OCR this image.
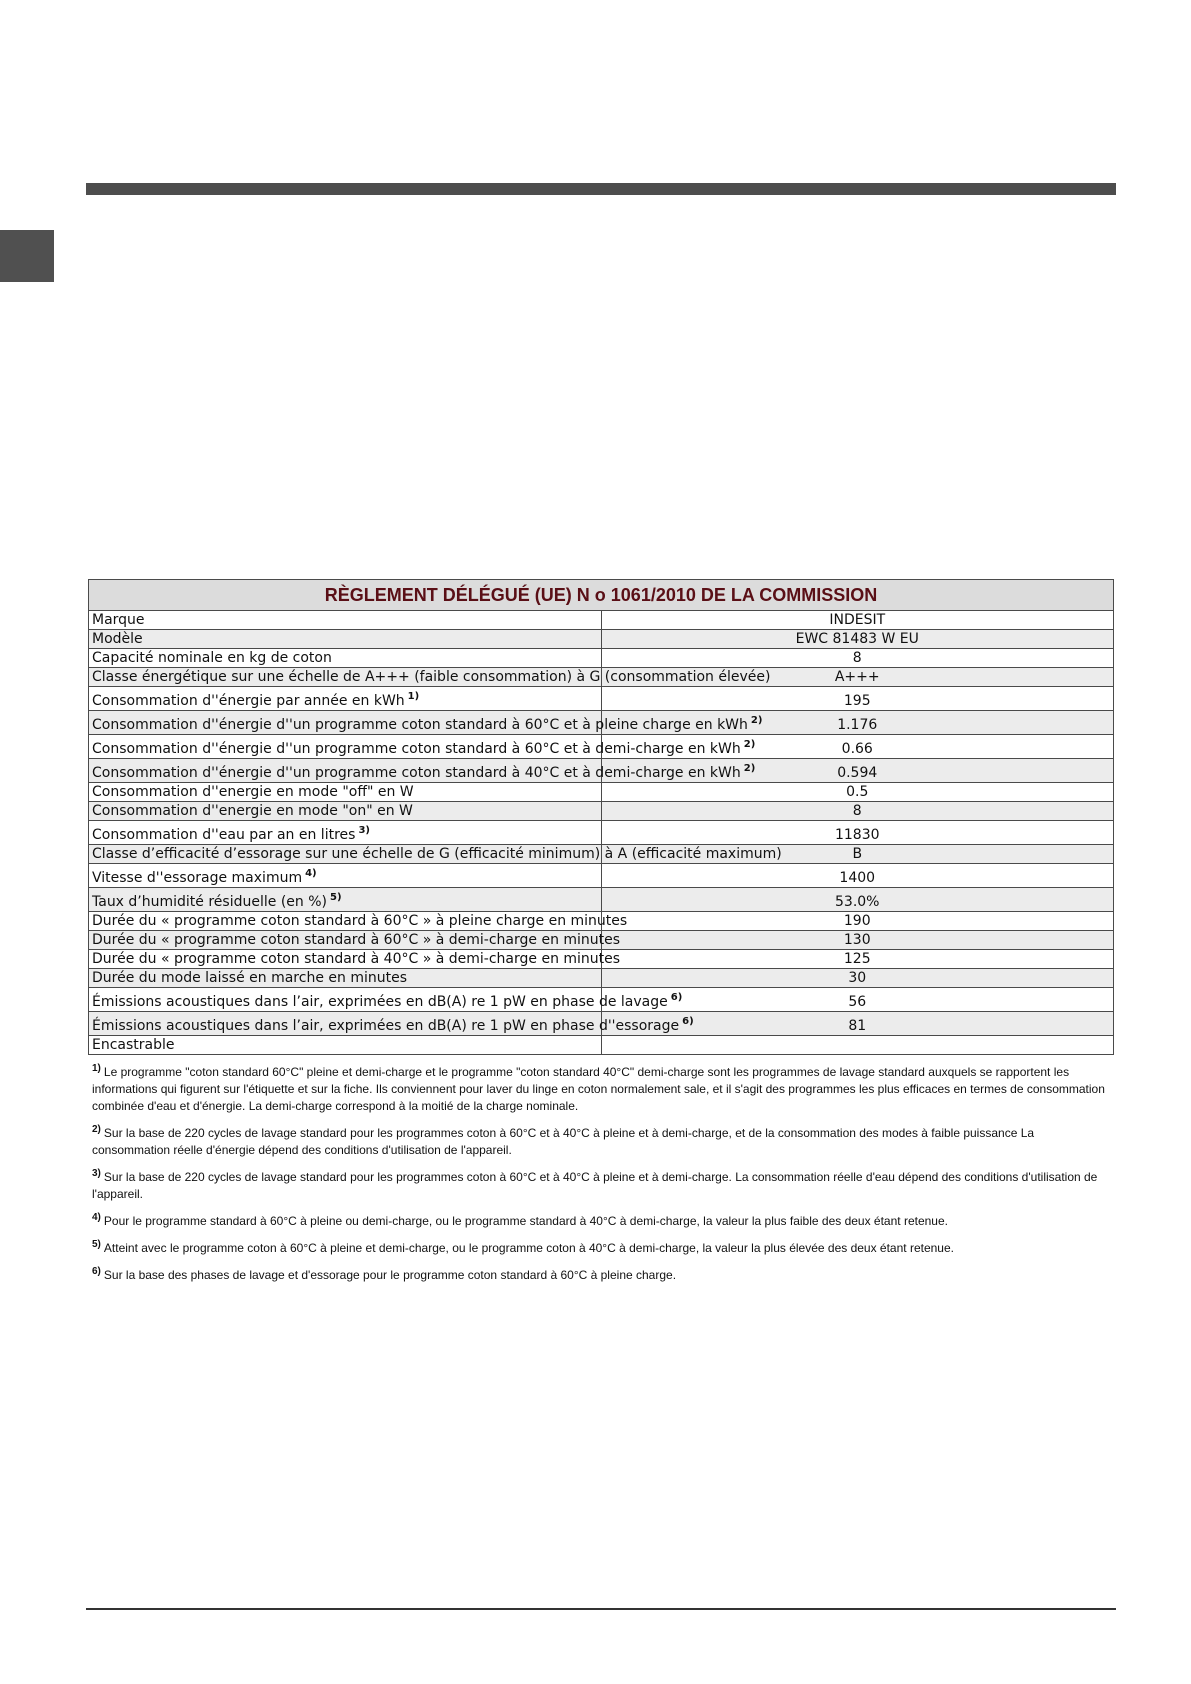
RÈGLEMENT DÉLÉGUÉ (UE) N o 1061/2010 DE LA COMMISSION	
Marque	INDESIT
Modèle	EWC 81483 W EU
Capacité nominale en kg de coton	8
Classe énergétique sur une échelle de A+++ (faible consommation) à G (consommation élevée)	A+++
Consommation d''énergie par année en kWh $^{1)}$	195
Consommation d''énergie d''un programme coton standard à 60°C et à pleine charge en kWh $^{2)}$	1.176
Consommation d''énergie d''un programme coton standard à 60°C et à demi-charge en kWh $^{2)}$	0.66
Consommation d''énergie d''un programme coton standard à 40°C et à demi-charge en kWh $^{2)}$	0.594
Consommation d''energie en mode "off" en W	0.5
Consommation d''energie en mode "on" en W	8
Consommation d''eau par an en litres $^{3)}$	11830
Classe d’efficacité d’essorage sur une échelle de G (efficacité minimum) à A (efficacité maximum)	B
Vitesse d''essorage maximum $^{4)}$	1400
Taux d’humidité résiduelle (en %) $^{5)}$	53.0%
Durée du « programme coton standard à 60°C » à pleine charge en minutes	190
Durée du « programme coton standard à 60°C » à demi-charge en minutes	130
Durée du « programme coton standard à 40°C » à demi-charge en minutes	125
Durée du mode laissé en marche en minutes	30
Émissions acoustiques dans l’air, exprimées en dB(A) re 1 pW en phase de lavage $^{6)}$	56
Émissions acoustiques dans l’air, exprimées en dB(A) re 1 pW en phase d''essorage $^{6)}$	81
Encastrable	

$^{1)}$ Le programme "coton standard 60°C" pleine et demi-charge et le programme "coton standard 40°C" demi-charge sont les programmes de lavage standard auxquels se rapportent les informations qui figurent sur l'étiquette et sur la fiche. Ils conviennent pour laver du linge en coton normalement sale, et il s'agit des programmes les plus efficaces en termes de consommation combinée d'eau et d'énergie. La demi-charge correspond à la moitié de la charge nominale.

$^{2)}$ Sur la base de 220 cycles de lavage standard pour les programmes coton à 60°C et à 40°C à pleine et à demi-charge, et de la consommation des modes à faible puissance La consommation réelle d'énergie dépend des conditions d'utilisation de l'appareil.

$^{3)}$ Sur la base de 220 cycles de lavage standard pour les programmes coton à 60°C et à 40°C à pleine et à demi-charge. La consommation réelle d'eau dépend des conditions d'utilisation de l'appareil.

$^{4)}$ Pour le programme standard à 60°C à pleine ou demi-charge, ou le programme standard à 40°C à demi-charge, la valeur la plus faible des deux étant retenue.

$^{5)}$ Atteint avec le programme coton à 60°C à pleine et demi-charge, ou le programme coton à 40°C à demi-charge, la valeur la plus élevée des deux étant retenue.

$^{6)}$ Sur la base des phases de lavage et d'essorage pour le programme coton standard à 60°C à pleine charge.
